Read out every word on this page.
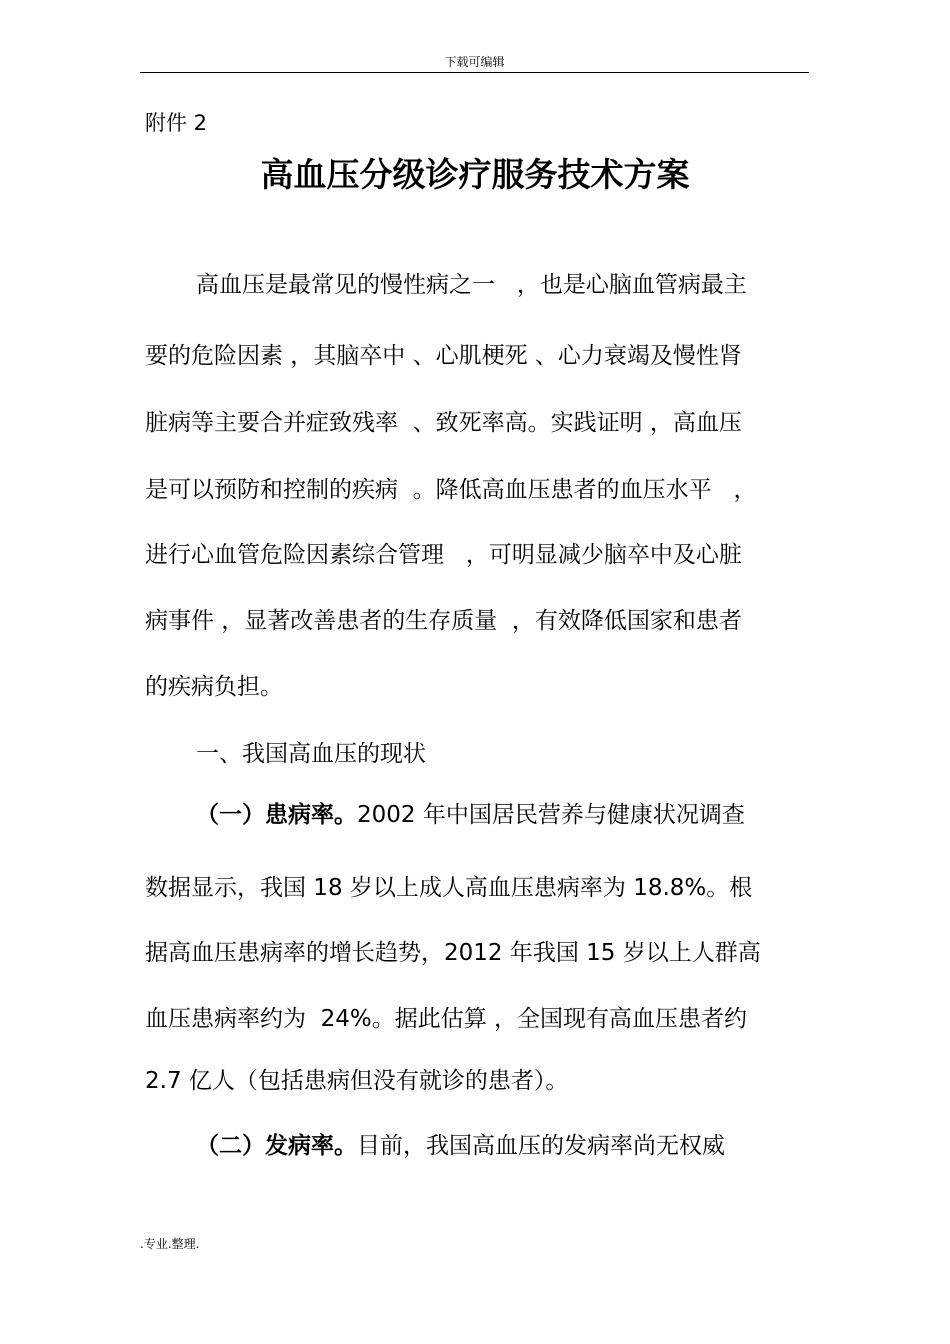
下载可编辑
附件 2
高血压分级诊疗服务技术方案
高血压是最常见的慢性病之一   ，也是心脑血管病最主
要的危险因素 ，其脑卒中 、心肌梗死 、心力衰竭及慢性肾
脏病等主要合并症致残率  、致死率高。实践证明 ，高血压
是可以预防和控制的疾病  。降低高血压患者的血压水平   ，
进行心血管危险因素综合管理   ，可明显减少脑卒中及心脏
病事件 ，显著改善患者的生存质量  ，有效降低国家和患者
的疾病负担。
一、我国高血压的现状
（一）患病率。2002 年中国居民营养与健康状况调查
数据显示，我国 18 岁以上成人高血压患病率为 18.8%。根
据高血压患病率的增长趋势，2012 年我国 15 岁以上人群高
血压患病率约为  24%。据此估算 ，全国现有高血压患者约
2.7 亿人（包括患病但没有就诊的患者）。
（二）发病率。目前，我国高血压的发病率尚无权威
.专业.整理.
